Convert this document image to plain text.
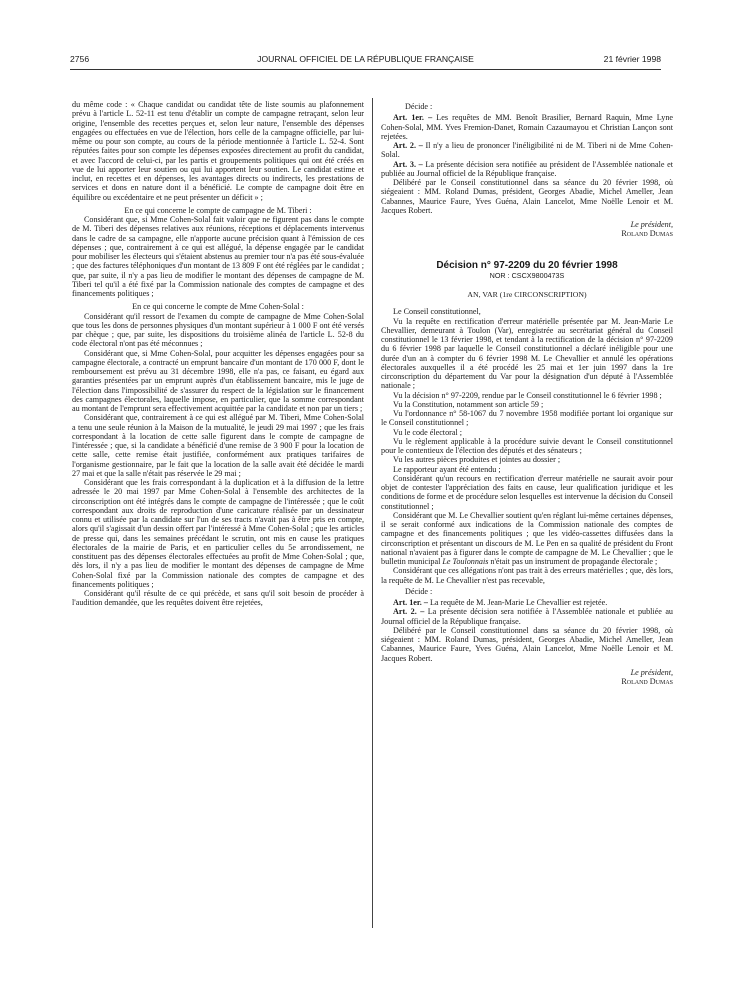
2756	JOURNAL OFFICIEL DE LA RÉPUBLIQUE FRANÇAISE	21 février 1998

du même code : « Chaque candidat ou candidat tête de liste soumis au plafonnement prévu à l'article L. 52-11 est tenu d'établir un compte de campagne retraçant, selon leur origine, l'ensemble des recettes perçues et, selon leur nature, l'ensemble des dépenses engagées ou effectuées en vue de l'élection, hors celle de la campagne officielle, par lui-même ou pour son compte, au cours de la période mentionnée à l'article L. 52-4. Sont réputées faites pour son compte les dépenses exposées directement au profit du candidat, et avec l'accord de celui-ci, par les partis et groupements politiques qui ont été créés en vue de lui apporter leur soutien ou qui lui apportent leur soutien. Le candidat estime et inclut, en recettes et en dépenses, les avantages directs ou indirects, les prestations de services et dons en nature dont il a bénéficié. Le compte de campagne doit être en équilibre ou excédentaire et ne peut présenter un déficit » ;

En ce qui concerne le compte de campagne de M. Tiberi :

Considérant que, si Mme Cohen-Solal fait valoir que ne figurent pas dans le compte de M. Tiberi des dépenses relatives aux réunions, réceptions et déplacements intervenus dans le cadre de sa campagne, elle n'apporte aucune précision quant à l'émission de ces dépenses ; que, contrairement à ce qui est allégué, la dépense engagée par le candidat pour mobiliser les électeurs qui s'étaient abstenus au premier tour n'a pas été sous-évaluée ; que des factures téléphoniques d'un montant de 13 809 F ont été réglées par le candidat ; que, par suite, il n'y a pas lieu de modifier le montant des dépenses de campagne de M. Tiberi tel qu'il a été fixé par la Commission nationale des comptes de campagne et des financements politiques ;

En ce qui concerne le compte de Mme Cohen-Solal :

Considérant qu'il ressort de l'examen du compte de campagne de Mme Cohen-Solal que tous les dons de personnes physiques d'un montant supérieur à 1 000 F ont été versés par chèque ; que, par suite, les dispositions du troisième alinéa de l'article L. 52-8 du code électoral n'ont pas été méconnues ;

Considérant que, si Mme Cohen-Solal, pour acquitter les dépenses engagées pour sa campagne électorale, a contracté un emprunt bancaire d'un montant de 170 000 F, dont le remboursement est prévu au 31 décembre 1998, elle n'a pas, ce faisant, eu égard aux garanties présentées par un emprunt auprès d'un établissement bancaire, mis le juge de l'élection dans l'impossibilité de s'assurer du respect de la législation sur le financement des campagnes électorales, laquelle impose, en particulier, que la somme correspondant au montant de l'emprunt sera effectivement acquittée par la candidate et non par un tiers ;

Considérant que, contrairement à ce qui est allégué par M. Tiberi, Mme Cohen-Solal a tenu une seule réunion à la Maison de la mutualité, le jeudi 29 mai 1997 ; que les frais correspondant à la location de cette salle figurent dans le compte de campagne de l'intéressée ; que, si la candidate a bénéficié d'une remise de 3 900 F pour la location de cette salle, cette remise était justifiée, conformément aux pratiques tarifaires de l'organisme gestionnaire, par le fait que la location de la salle avait été décidée le mardi 27 mai et que la salle n'était pas réservée le 29 mai ;

Considérant que les frais correspondant à la duplication et à la diffusion de la lettre adressée le 20 mai 1997 par Mme Cohen-Solal à l'ensemble des architectes de la circonscription ont été intégrés dans le compte de campagne de l'intéressée ; que le coût correspondant aux droits de reproduction d'une caricature réalisée par un dessinateur connu et utilisée par la candidate sur l'un de ses tracts n'avait pas à être pris en compte, alors qu'il s'agissait d'un dessin offert par l'intéressé à Mme Cohen-Solal ; que les articles de presse qui, dans les semaines précédant le scrutin, ont mis en cause les pratiques électorales de la mairie de Paris, et en particulier celles du 5e arrondissement, ne constituent pas des dépenses électorales effectuées au profit de Mme Cohen-Solal ; que, dès lors, il n'y a pas lieu de modifier le montant des dépenses de campagne de Mme Cohen-Solal fixé par la Commission nationale des comptes de campagne et des financements politiques ;

Considérant qu'il résulte de ce qui précède, et sans qu'il soit besoin de procéder à l'audition demandée, que les requêtes doivent être rejetées,

Décide :

Art. 1er. – Les requêtes de MM. Benoît Brasilier, Bernard Raquin, Mme Lyne Cohen-Solal, MM. Yves Fremion-Danet, Romain Cazaumayou et Christian Lançon sont rejetées.

Art. 2. – Il n'y a lieu de prononcer l'inéligibilité ni de M. Tiberi ni de Mme Cohen-Solal.

Art. 3. – La présente décision sera notifiée au président de l'Assemblée nationale et publiée au Journal officiel de la République française.

Délibéré par le Conseil constitutionnel dans sa séance du 20 février 1998, où siégeaient : MM. Roland Dumas, président, Georges Abadie, Michel Ameller, Jean Cabannes, Maurice Faure, Yves Guéna, Alain Lancelot, Mme Noëlle Lenoir et M. Jacques Robert.

Le président,

Roland Dumas

Décision n° 97-2209 du 20 février 1998
NOR : CSCX9800473S
AN, VAR (1re CIRCONSCRIPTION)

Le Conseil constitutionnel,

Vu la requête en rectification d'erreur matérielle présentée par M. Jean-Marie Le Chevallier, demeurant à Toulon (Var), enregistrée au secrétariat général du Conseil constitutionnel le 13 février 1998, et tendant à la rectification de la décision n° 97-2209 du 6 février 1998 par laquelle le Conseil constitutionnel a déclaré inéligible pour une durée d'un an à compter du 6 février 1998 M. Le Chevallier et annulé les opérations électorales auxquelles il a été procédé les 25 mai et 1er juin 1997 dans la 1re circonscription du département du Var pour la désignation d'un député à l'Assemblée nationale ;

Vu la décision n° 97-2209, rendue par le Conseil constitutionnel le 6 février 1998 ;

Vu la Constitution, notamment son article 59 ;

Vu l'ordonnance n° 58-1067 du 7 novembre 1958 modifiée portant loi organique sur le Conseil constitutionnel ;

Vu le code électoral ;

Vu le règlement applicable à la procédure suivie devant le Conseil constitutionnel pour le contentieux de l'élection des députés et des sénateurs ;

Vu les autres pièces produites et jointes au dossier ;

Le rapporteur ayant été entendu ;

Considérant qu'un recours en rectification d'erreur matérielle ne saurait avoir pour objet de contester l'appréciation des faits en cause, leur qualification juridique et les conditions de forme et de procédure selon lesquelles est intervenue la décision du Conseil constitutionnel ;

Considérant que M. Le Chevallier soutient qu'en réglant lui-même certaines dépenses, il se serait conformé aux indications de la Commission nationale des comptes de campagne et des financements politiques ; que les vidéo-cassettes diffusées dans la circonscription et présentant un discours de M. Le Pen en sa qualité de président du Front national n'avaient pas à figurer dans le compte de campagne de M. Le Chevallier ; que le bulletin municipal Le Toulonnais n'était pas un instrument de propagande électorale ;

Considérant que ces allégations n'ont pas trait à des erreurs matérielles ; que, dès lors, la requête de M. Le Chevallier n'est pas recevable,

Décide :

Art. 1er. – La requête de M. Jean-Marie Le Chevallier est rejetée.

Art. 2. – La présente décision sera notifiée à l'Assemblée nationale et publiée au Journal officiel de la République française.

Délibéré par le Conseil constitutionnel dans sa séance du 20 février 1998, où siégeaient : MM. Roland Dumas, président, Georges Abadie, Michel Ameller, Jean Cabannes, Maurice Faure, Yves Guéna, Alain Lancelot, Mme Noëlle Lenoir et M. Jacques Robert.

Le président,

Roland Dumas
